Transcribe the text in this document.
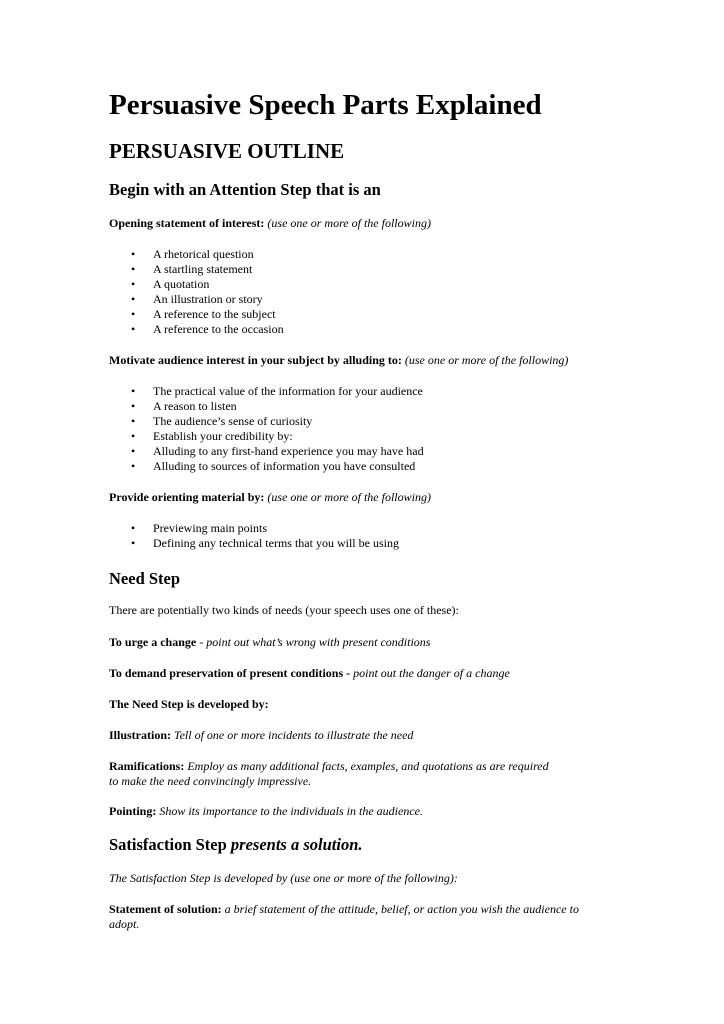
Persuasive Speech Parts Explained
PERSUASIVE OUTLINE
Begin with an Attention Step that is an

Opening statement of interest: (use one or more of the following)

• A rhetorical question
• A startling statement
• A quotation
• An illustration or story
• A reference to the subject
• A reference to the occasion

Motivate audience interest in your subject by alluding to: (use one or more of the following)

• The practical value of the information for your audience
• A reason to listen
• The audience’s sense of curiosity
• Establish your credibility by:
• Alluding to any first-hand experience you may have had
• Alluding to sources of information you have consulted

Provide orienting material by: (use one or more of the following)

• Previewing main points
• Defining any technical terms that you will be using
Need Step

There are potentially two kinds of needs (your speech uses one of these):

To urge a change - point out what’s wrong with present conditions

To demand preservation of present conditions - point out the danger of a change

The Need Step is developed by:

Illustration: Tell of one or more incidents to illustrate the need

Ramifications: Employ as many additional facts, examples, and quotations as are required
to make the need convincingly impressive.

Pointing: Show its importance to the individuals in the audience.

Satisfaction Step presents a solution.

The Satisfaction Step is developed by (use one or more of the following):

Statement of solution: a brief statement of the attitude, belief, or action you wish the audience to
adopt.
